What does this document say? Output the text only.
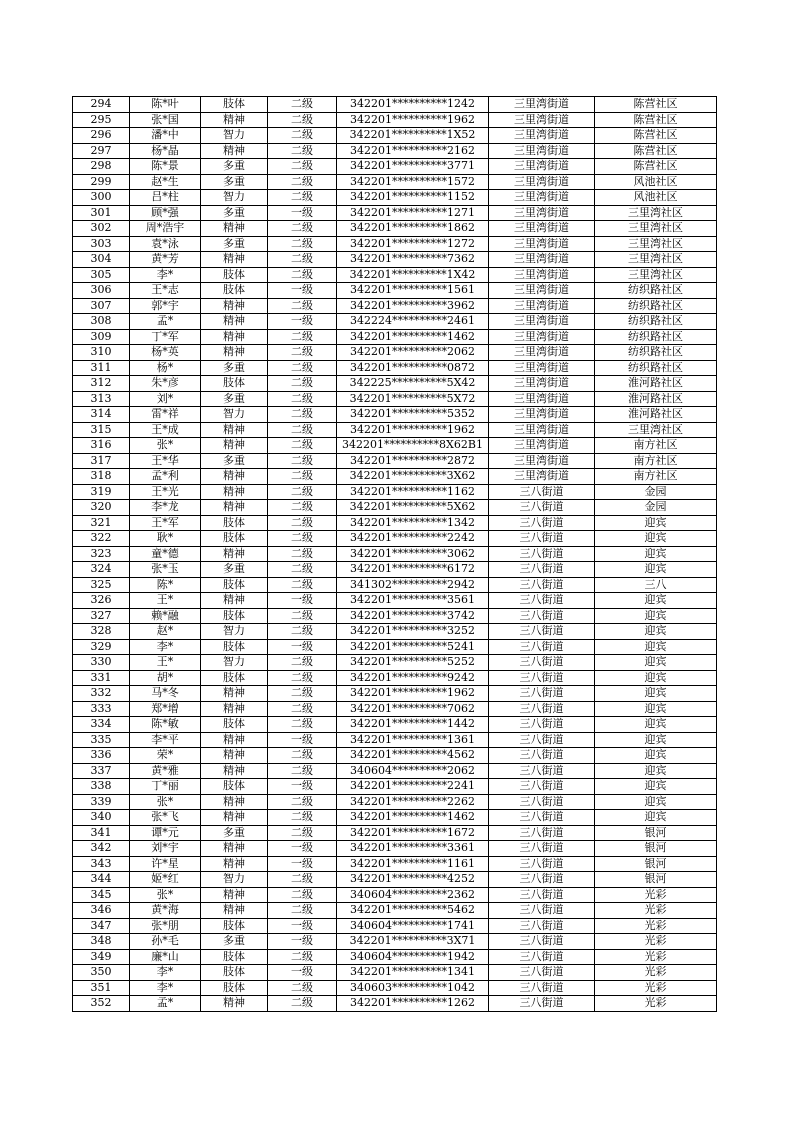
294	陈*叶	肢体	二级	342201**********1242	三里湾街道	陈营社区
295	张*国	精神	二级	342201**********1962	三里湾街道	陈营社区
296	潘*中	智力	二级	342201**********1X52	三里湾街道	陈营社区
297	杨*晶	精神	二级	342201**********2162	三里湾街道	陈营社区
298	陈*景	多重	二级	342201**********3771	三里湾街道	陈营社区
299	赵*生	多重	二级	342201**********1572	三里湾街道	风池社区
300	吕*柱	智力	二级	342201**********1152	三里湾街道	风池社区
301	顾*强	多重	一级	342201**********1271	三里湾街道	三里湾社区
302	周*浩宇	精神	二级	342201**********1862	三里湾街道	三里湾社区
303	袁*泳	多重	二级	342201**********1272	三里湾街道	三里湾社区
304	黄*芳	精神	二级	342201**********7362	三里湾街道	三里湾社区
305	李*	肢体	二级	342201**********1X42	三里湾街道	三里湾社区
306	王*志	肢体	一级	342201**********1561	三里湾街道	纺织路社区
307	郭*宇	精神	二级	342201**********3962	三里湾街道	纺织路社区
308	孟*	精神	一级	342224**********2461	三里湾街道	纺织路社区
309	丁*军	精神	二级	342201**********1462	三里湾街道	纺织路社区
310	杨*英	精神	二级	342201**********2062	三里湾街道	纺织路社区
311	杨*	多重	二级	342201**********0872	三里湾街道	纺织路社区
312	朱*彦	肢体	二级	342225**********5X42	三里湾街道	淮河路社区
313	刘*	多重	二级	342201**********5X72	三里湾街道	淮河路社区
314	雷*祥	智力	二级	342201**********5352	三里湾街道	淮河路社区
315	王*成	精神	二级	342201**********1962	三里湾街道	三里湾社区
316	张*	精神	二级	342201**********8X62B1	三里湾街道	南方社区
317	王*华	多重	二级	342201**********2872	三里湾街道	南方社区
318	孟*利	精神	二级	342201**********3X62	三里湾街道	南方社区
319	王*光	精神	二级	342201**********1162	三八街道	金园
320	李*龙	精神	二级	342201**********5X62	三八街道	金园
321	王*军	肢体	二级	342201**********1342	三八街道	迎宾
322	耿*	肢体	二级	342201**********2242	三八街道	迎宾
323	童*德	精神	二级	342201**********3062	三八街道	迎宾
324	张*玉	多重	二级	342201**********6172	三八街道	迎宾
325	陈*	肢体	二级	341302**********2942	三八街道	三八
326	王*	精神	一级	342201**********3561	三八街道	迎宾
327	赖*融	肢体	二级	342201**********3742	三八街道	迎宾
328	赵*	智力	二级	342201**********3252	三八街道	迎宾
329	李*	肢体	一级	342201**********5241	三八街道	迎宾
330	王*	智力	二级	342201**********5252	三八街道	迎宾
331	胡*	肢体	二级	342201**********9242	三八街道	迎宾
332	马*冬	精神	二级	342201**********1962	三八街道	迎宾
333	郑*增	精神	二级	342201**********7062	三八街道	迎宾
334	陈*敏	肢体	二级	342201**********1442	三八街道	迎宾
335	李*平	精神	一级	342201**********1361	三八街道	迎宾
336	荣*	精神	二级	342201**********4562	三八街道	迎宾
337	黄*雅	精神	二级	340604**********2062	三八街道	迎宾
338	丁*丽	肢体	一级	342201**********2241	三八街道	迎宾
339	张*	精神	二级	342201**********2262	三八街道	迎宾
340	张*飞	精神	二级	342201**********1462	三八街道	迎宾
341	谭*元	多重	二级	342201**********1672	三八街道	银河
342	刘*宇	精神	一级	342201**********3361	三八街道	银河
343	许*星	精神	一级	342201**********1161	三八街道	银河
344	姬*红	智力	二级	342201**********4252	三八街道	银河
345	张*	精神	二级	340604**********2362	三八街道	光彩
346	黄*海	精神	二级	342201**********5462	三八街道	光彩
347	张*朋	肢体	一级	340604**********1741	三八街道	光彩
348	孙*毛	多重	一级	342201**********3X71	三八街道	光彩
349	廉*山	肢体	二级	340604**********1942	三八街道	光彩
350	李*	肢体	一级	342201**********1341	三八街道	光彩
351	李*	肢体	二级	340603**********1042	三八街道	光彩
352	孟*	精神	二级	342201**********1262	三八街道	光彩
